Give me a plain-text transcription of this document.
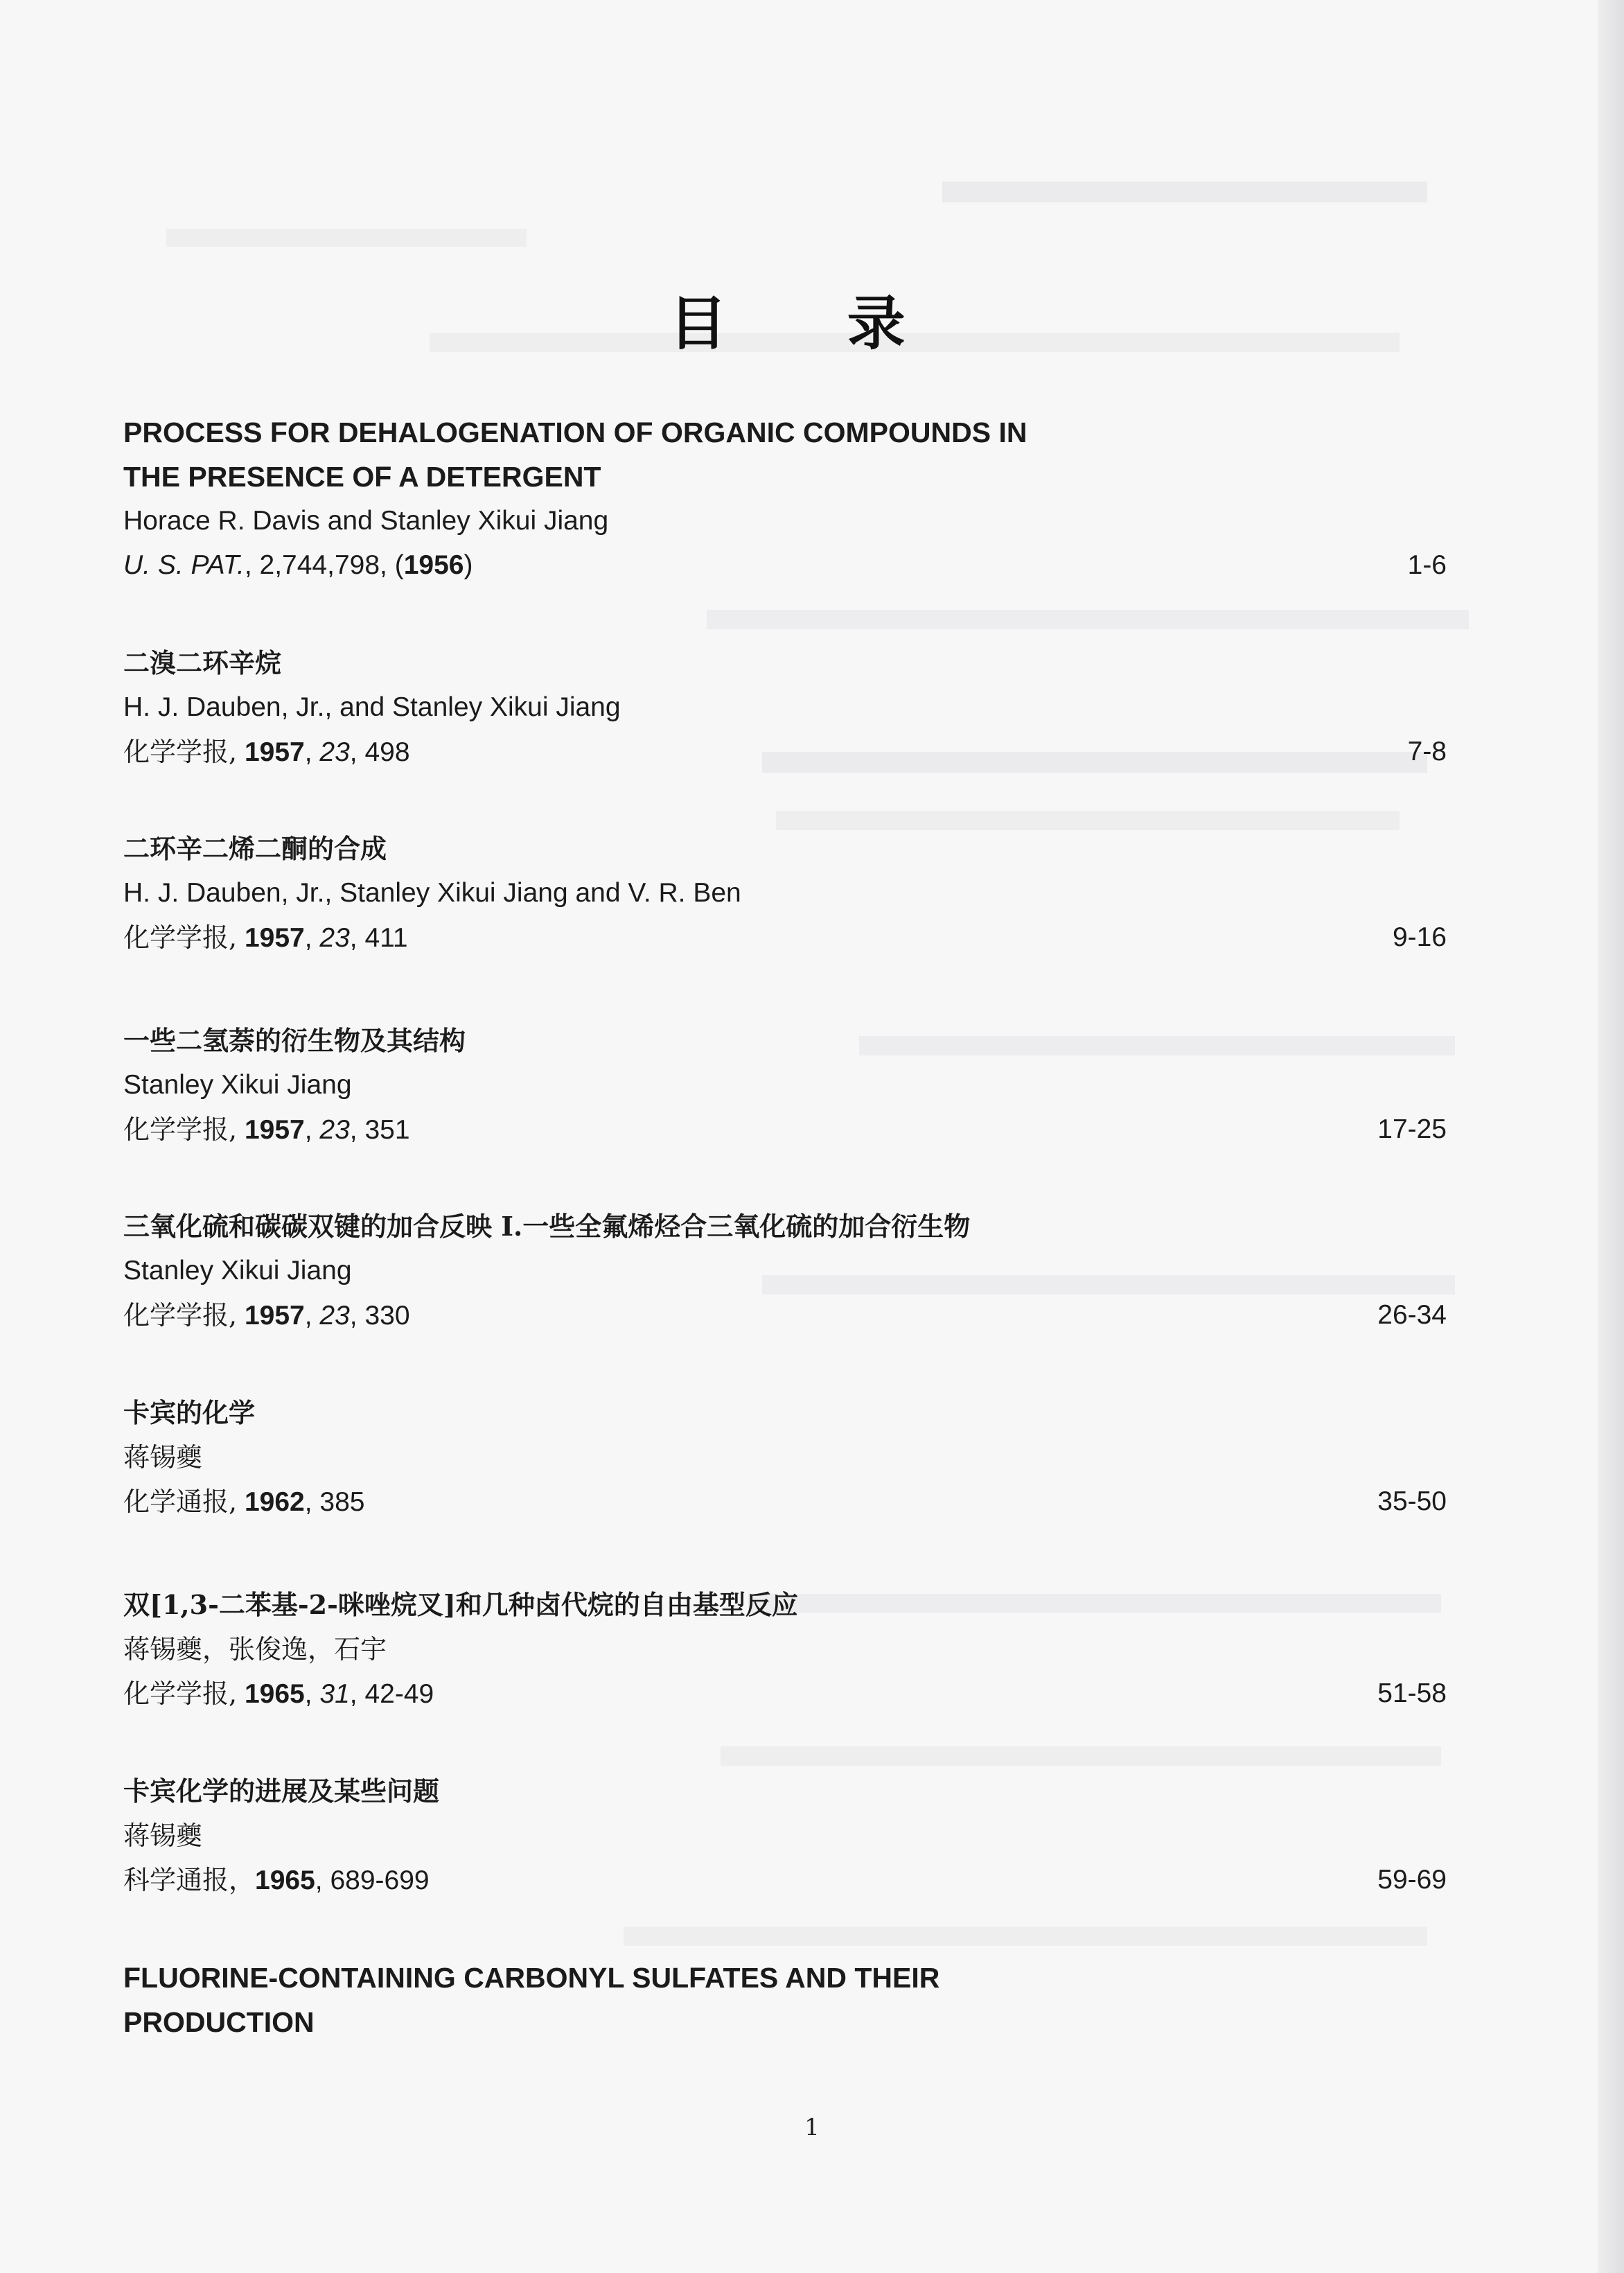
目 录
PROCESS FOR DEHALOGENATION OF ORGANIC COMPOUNDS IN
THE PRESENCE OF A DETERGENT
Horace R. Davis and Stanley Xikui Jiang
U. S. PAT., 2,744,798, (1956)	1-6
二溴二环辛烷
H. J. Dauben, Jr., and Stanley Xikui Jiang
化学学报, 1957, 23, 498	7-8
二环辛二烯二酮的合成
H. J. Dauben, Jr., Stanley Xikui Jiang and V. R. Ben
化学学报, 1957, 23, 411	9-16
一些二氢萘的衍生物及其结构
Stanley Xikui Jiang
化学学报, 1957, 23, 351	17-25
三氧化硫和碳碳双键的加合反映 Ⅰ.一些全氟烯烃合三氧化硫的加合衍生物
Stanley Xikui Jiang
化学学报, 1957, 23, 330	26-34
卡宾的化学
蒋锡夔
化学通报, 1962, 385	35-50
双[1,3-二苯基-2-咪唑烷叉]和几种卤代烷的自由基型反应
蒋锡夔，张俊逸，石宇
化学学报, 1965, 31, 42-49	51-58
卡宾化学的进展及某些问题
蒋锡夔
科学通报，1965, 689-699	59-69
FLUORINE-CONTAINING CARBONYL SULFATES AND THEIR
PRODUCTION
1
